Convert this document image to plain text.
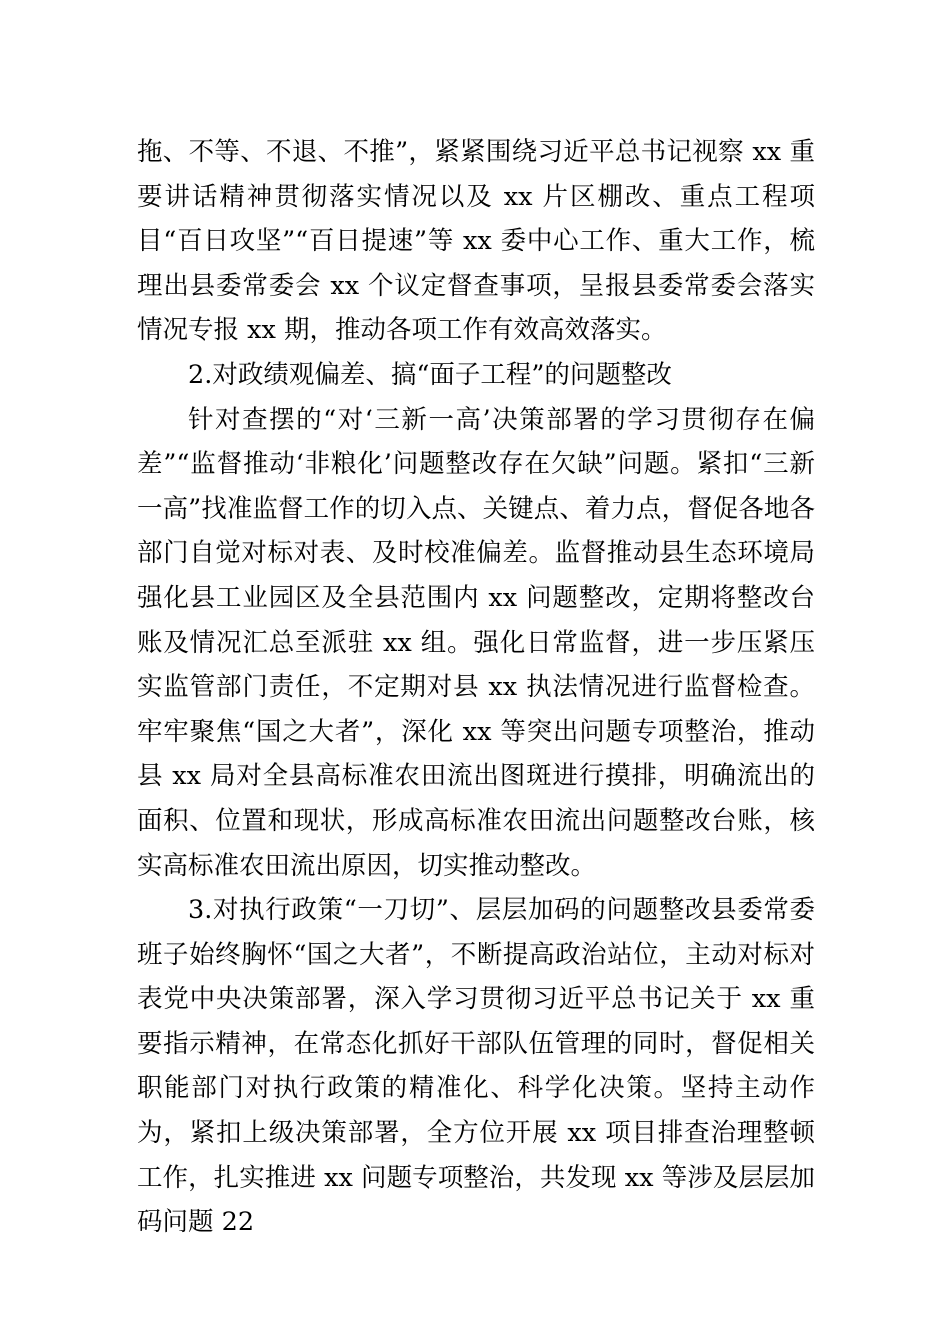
拖、不等、不退、不推”，紧紧围绕习近平总书记视察 xx 重要讲话精神贯彻落实情况以及 xx 片区棚改、重点工程项目“百日攻坚”“百日提速”等 xx 委中心工作、重大工作，梳理出县委常委会 xx 个议定督查事项，呈报县委常委会落实情况专报 xx 期，推动各项工作有效高效落实。

2.对政绩观偏差、搞“面子工程”的问题整改

针对查摆的“对‘三新一高’决策部署的学习贯彻存在偏差”“监督推动‘非粮化’问题整改存在欠缺”问题。紧扣“三新一高”找准监督工作的切入点、关键点、着力点，督促各地各部门自觉对标对表、及时校准偏差。监督推动县生态环境局强化县工业园区及全县范围内 xx 问题整改，定期将整改台账及情况汇总至派驻 xx 组。强化日常监督，进一步压紧压实监管部门责任，不定期对县 xx 执法情况进行监督检查。牢牢聚焦“国之大者”，深化 xx 等突出问题专项整治，推动县 xx 局对全县高标准农田流出图斑进行摸排，明确流出的面积、位置和现状，形成高标准农田流出问题整改台账，核实高标准农田流出原因，切实推动整改。

3.对执行政策“一刀切”、层层加码的问题整改县委常委班子始终胸怀“国之大者”，不断提高政治站位，主动对标对表党中央决策部署，深入学习贯彻习近平总书记关于 xx 重要指示精神，在常态化抓好干部队伍管理的同时，督促相关职能部门对执行政策的精准化、科学化决策。坚持主动作为，紧扣上级决策部署，全方位开展 xx 项目排查治理整顿工作，扎实推进 xx 问题专项整治，共发现 xx 等涉及层层加码问题 22
